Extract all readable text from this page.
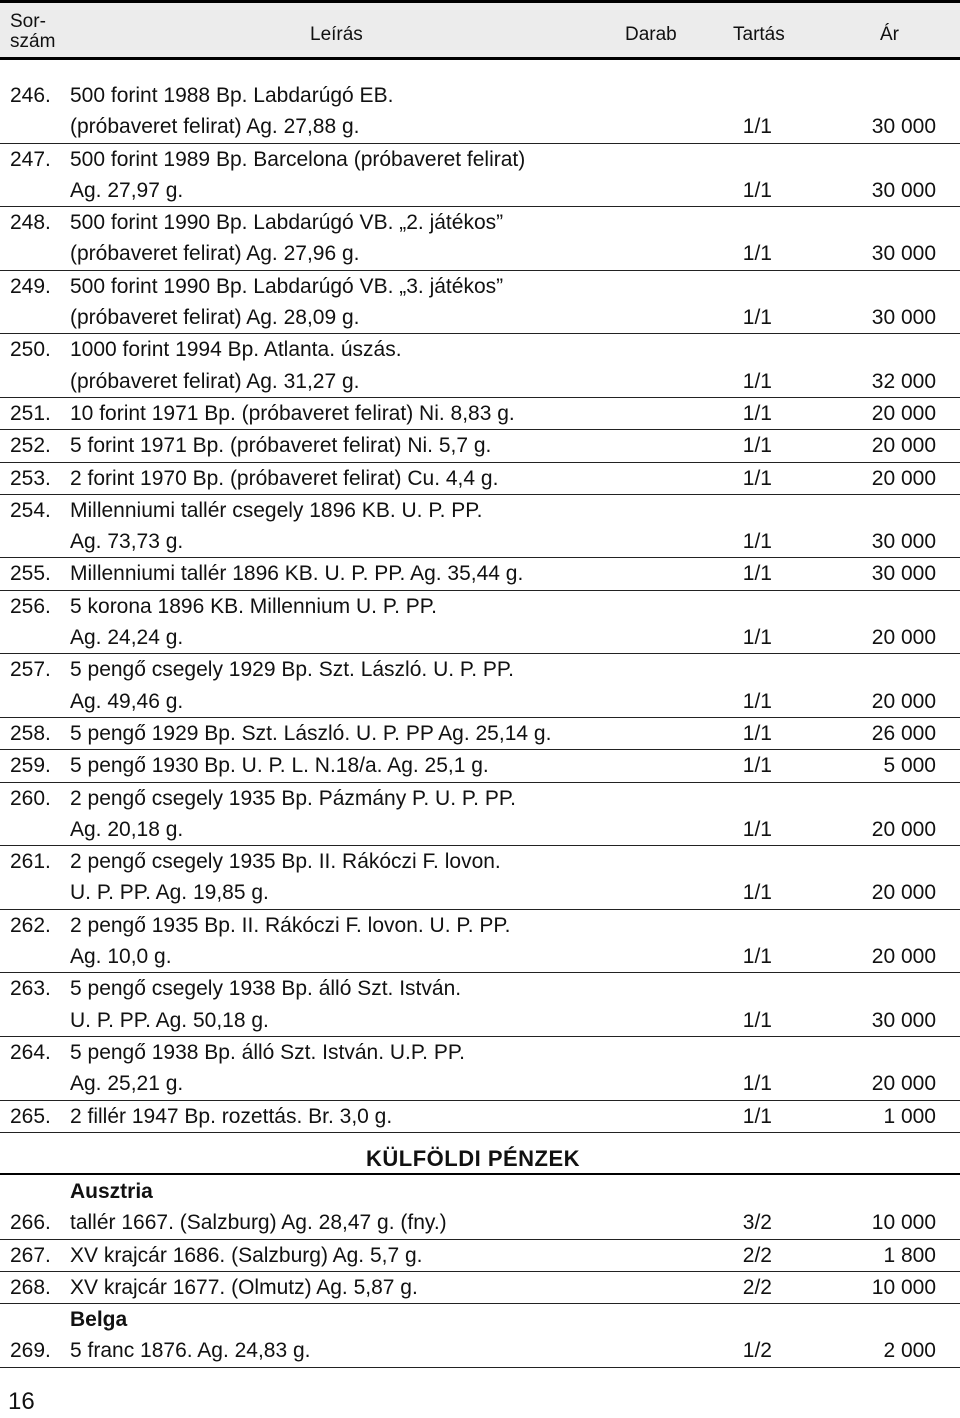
Sor-
szám	Leírás	Darab	Tartás	Ár
246. 500 forint 1988 Bp. Labdarúgó EB.
(próbaveret felirat) Ag. 27,88 g.	1/1	30 000
247. 500 forint 1989 Bp. Barcelona (próbaveret felirat)
Ag. 27,97 g.	1/1	30 000
248. 500 forint 1990 Bp. Labdarúgó VB. „2. játékos”
(próbaveret felirat) Ag. 27,96 g.	1/1	30 000
249. 500 forint 1990 Bp. Labdarúgó VB. „3. játékos”
(próbaveret felirat) Ag. 28,09 g.	1/1	30 000
250. 1000 forint 1994 Bp. Atlanta. úszás.
(próbaveret felirat) Ag. 31,27 g.	1/1	32 000
251. 10 forint 1971 Bp. (próbaveret felirat) Ni. 8,83 g.	1/1	20 000
252. 5 forint 1971 Bp. (próbaveret felirat) Ni. 5,7 g.	1/1	20 000
253. 2 forint 1970 Bp. (próbaveret felirat) Cu. 4,4 g.	1/1	20 000
254. Millenniumi tallér csegely 1896 KB. U. P. PP.
Ag. 73,73 g.	1/1	30 000
255. Millenniumi tallér 1896 KB. U. P. PP. Ag. 35,44 g.	1/1	30 000
256. 5 korona 1896 KB. Millennium U. P. PP.
Ag. 24,24 g.	1/1	20 000
257. 5 pengő csegely 1929 Bp. Szt. László. U. P. PP.
Ag. 49,46 g.	1/1	20 000
258. 5 pengő 1929 Bp. Szt. László. U. P. PP Ag. 25,14 g.	1/1	26 000
259. 5 pengő 1930 Bp. U. P. L. N.18/a. Ag. 25,1 g.	1/1	5 000
260. 2 pengő csegely 1935 Bp. Pázmány P. U. P. PP.
Ag. 20,18 g.	1/1	20 000
261. 2 pengő csegely 1935 Bp. II. Rákóczi F. lovon.
U. P. PP. Ag. 19,85 g.	1/1	20 000
262. 2 pengő 1935 Bp. II. Rákóczi F. lovon. U. P. PP.
Ag. 10,0 g.	1/1	20 000
263. 5 pengő csegely 1938 Bp. álló Szt. István.
U. P. PP. Ag. 50,18 g.	1/1	30 000
264. 5 pengő 1938 Bp. álló Szt. István. U.P. PP.
Ag. 25,21 g.	1/1	20 000
265. 2 fillér 1947 Bp. rozettás. Br. 3,0 g.	1/1	1 000
KÜLFÖLDI PÉNZEK
Ausztria
266. tallér 1667. (Salzburg) Ag. 28,47 g. (fny.)	3/2	10 000
267. XV krajcár 1686. (Salzburg) Ag. 5,7 g.	2/2	1 800
268. XV krajcár 1677. (Olmutz) Ag. 5,87 g.	2/2	10 000
Belga
269. 5 franc 1876. Ag. 24,83 g.	1/2	2 000
16
